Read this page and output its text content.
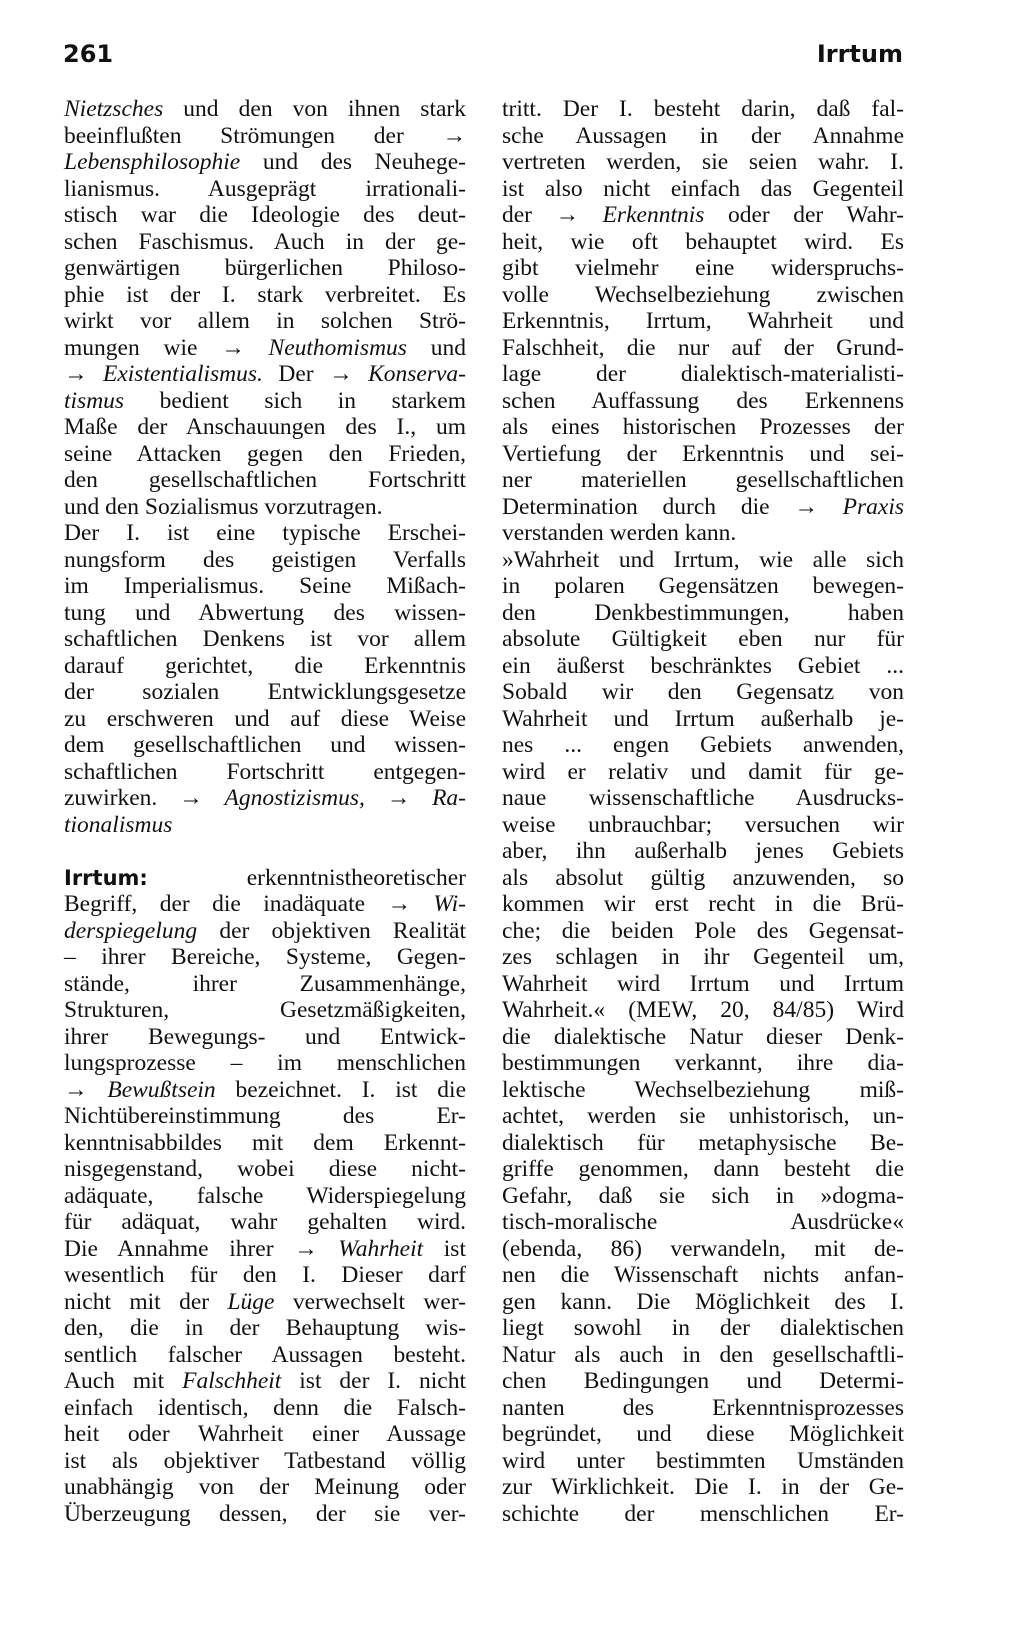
261	Irrtum
Nietzsches und den von ihnen stark
beeinflußten Strömungen der →
Lebensphilosophie und des Neuhege-
lianismus. Ausgeprägt irrationali-
stisch war die Ideologie des deut-
schen Faschismus. Auch in der ge-
genwärtigen bürgerlichen Philoso-
phie ist der I. stark verbreitet. Es
wirkt vor allem in solchen Strö-
mungen wie → Neuthomismus und
→ Existentialismus. Der → Konserva-
tismus bedient sich in starkem
Maße der Anschauungen des I., um
seine Attacken gegen den Frieden,
den gesellschaftlichen Fortschritt
und den Sozialismus vorzutragen.
Der I. ist eine typische Erschei-
nungsform des geistigen Verfalls
im Imperialismus. Seine Mißach-
tung und Abwertung des wissen-
schaftlichen Denkens ist vor allem
darauf gerichtet, die Erkenntnis
der sozialen Entwicklungsgesetze
zu erschweren und auf diese Weise
dem gesellschaftlichen und wissen-
schaftlichen Fortschritt entgegen-
zuwirken. → Agnostizismus, → Ra-
tionalismus
Irrtum: erkenntnistheoretischer
Begriff, der die inadäquate → Wi-
derspiegelung der objektiven Realität
– ihrer Bereiche, Systeme, Gegen-
stände, ihrer Zusammenhänge,
Strukturen, Gesetzmäßigkeiten,
ihrer Bewegungs- und Entwick-
lungsprozesse – im menschlichen
→ Bewußtsein bezeichnet. I. ist die
Nichtübereinstimmung des Er-
kenntnisabbildes mit dem Erkennt-
nisgegenstand, wobei diese nicht-
adäquate, falsche Widerspiegelung
für adäquat, wahr gehalten wird.
Die Annahme ihrer → Wahrheit ist
wesentlich für den I. Dieser darf
nicht mit der Lüge verwechselt wer-
den, die in der Behauptung wis-
sentlich falscher Aussagen besteht.
Auch mit Falschheit ist der I. nicht
einfach identisch, denn die Falsch-
heit oder Wahrheit einer Aussage
ist als objektiver Tatbestand völlig
unabhängig von der Meinung oder
Überzeugung dessen, der sie ver-
tritt. Der I. besteht darin, daß fal-
sche Aussagen in der Annahme
vertreten werden, sie seien wahr. I.
ist also nicht einfach das Gegenteil
der → Erkenntnis oder der Wahr-
heit, wie oft behauptet wird. Es
gibt vielmehr eine widerspruchs-
volle Wechselbeziehung zwischen
Erkenntnis, Irrtum, Wahrheit und
Falschheit, die nur auf der Grund-
lage der dialektisch-materialisti-
schen Auffassung des Erkennens
als eines historischen Prozesses der
Vertiefung der Erkenntnis und sei-
ner materiellen gesellschaftlichen
Determination durch die → Praxis
verstanden werden kann.
»Wahrheit und Irrtum, wie alle sich
in polaren Gegensätzen bewegen-
den Denkbestimmungen, haben
absolute Gültigkeit eben nur für
ein äußerst beschränktes Gebiet ...
Sobald wir den Gegensatz von
Wahrheit und Irrtum außerhalb je-
nes ... engen Gebiets anwenden,
wird er relativ und damit für ge-
naue wissenschaftliche Ausdrucks-
weise unbrauchbar; versuchen wir
aber, ihn außerhalb jenes Gebiets
als absolut gültig anzuwenden, so
kommen wir erst recht in die Brü-
che; die beiden Pole des Gegensat-
zes schlagen in ihr Gegenteil um,
Wahrheit wird Irrtum und Irrtum
Wahrheit.« (MEW, 20, 84/85) Wird
die dialektische Natur dieser Denk-
bestimmungen verkannt, ihre dia-
lektische Wechselbeziehung miß-
achtet, werden sie unhistorisch, un-
dialektisch für metaphysische Be-
griffe genommen, dann besteht die
Gefahr, daß sie sich in »dogma-
tisch-moralische Ausdrücke«
(ebenda, 86) verwandeln, mit de-
nen die Wissenschaft nichts anfan-
gen kann. Die Möglichkeit des I.
liegt sowohl in der dialektischen
Natur als auch in den gesellschaftli-
chen Bedingungen und Determi-
nanten des Erkenntnisprozesses
begründet, und diese Möglichkeit
wird unter bestimmten Umständen
zur Wirklichkeit. Die I. in der Ge-
schichte der menschlichen Er-
